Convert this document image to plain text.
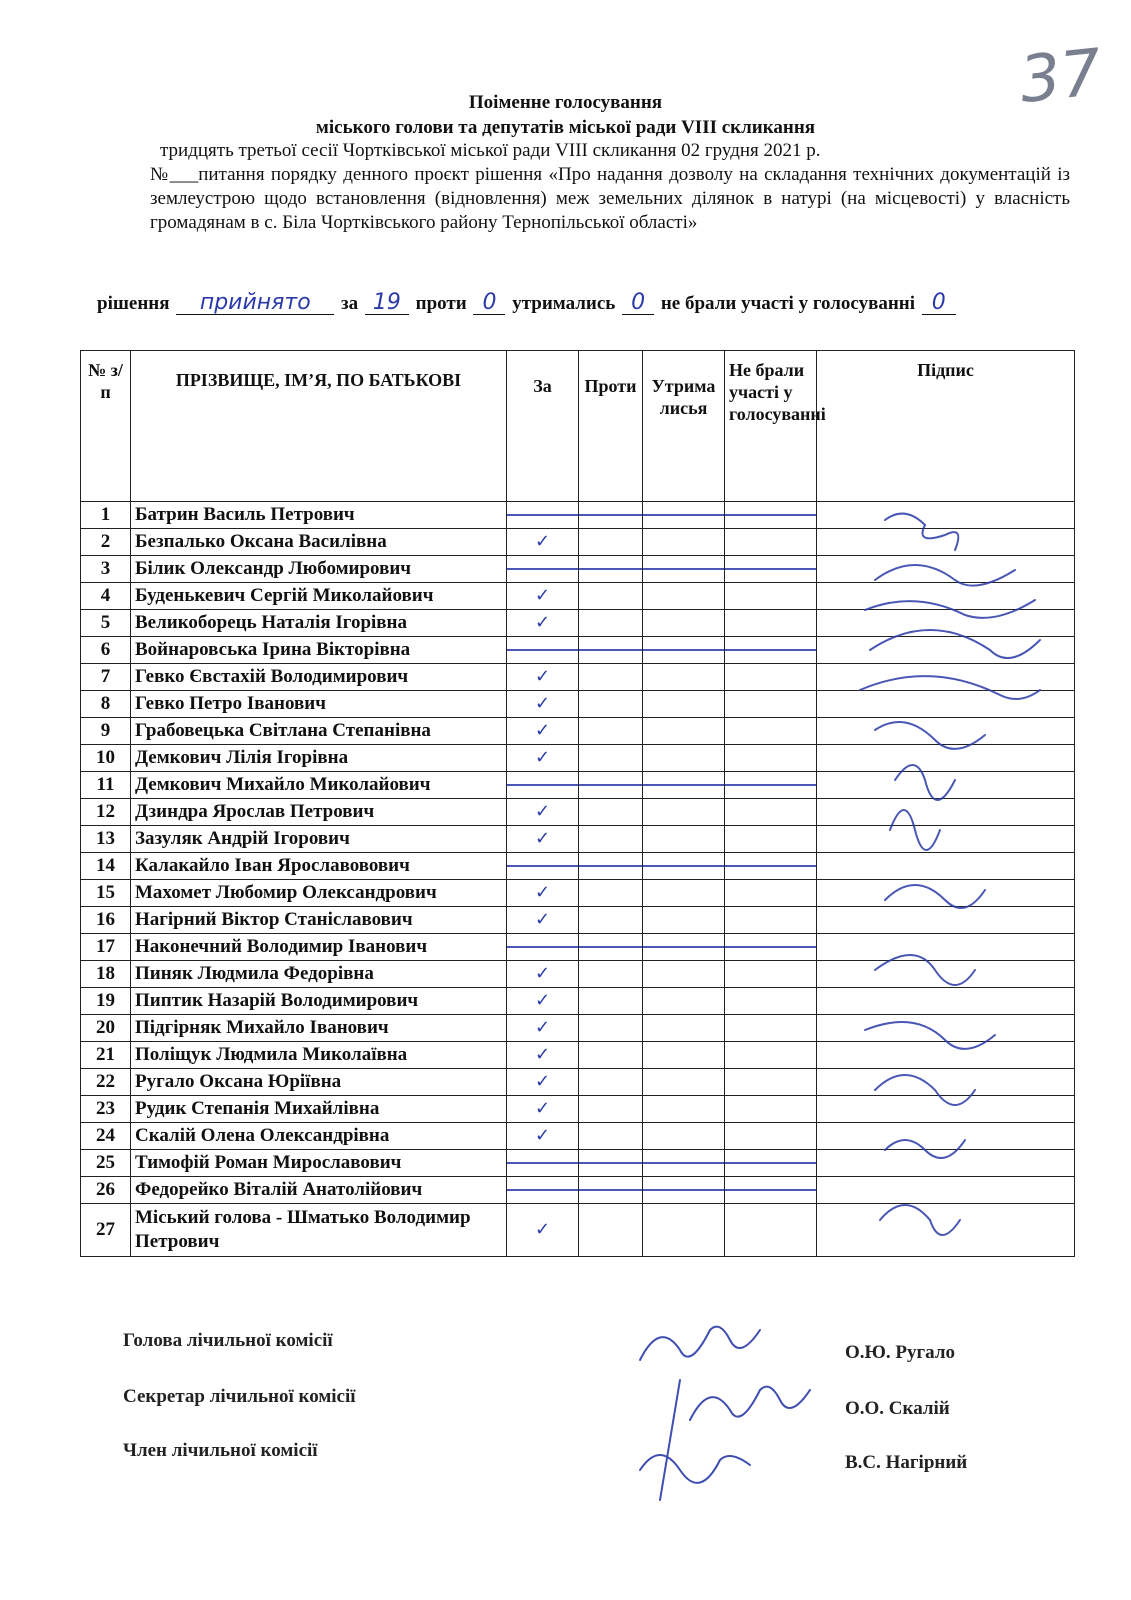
37
Поіменне голосування
міського голови та депутатів міської ради VIII скликання
тридцять третьої сесії Чортківської міської ради VIII скликання 02 грудня 2021 р.
№___питання порядку денного проєкт рішення «Про надання дозволу на складання технічних документацій із землеустрою щодо встановлення (відновлення) меж земельних ділянок в натурі (на місцевості) у власність громадянам в с. Біла Чортківського району Тернопільської області»
рішення прийнято за 19 проти 0 утримались 0 не брали участі у голосуванні 0
№ з/п	ПРІЗВИЩЕ, ІМ’Я, ПО БАТЬКОВІ	За	Проти	Утрималисья	Не брали участі у голосуванні	Підпис
1	Батрин Василь Петрович	

2	Безпалько Оксана Василівна	✓				
3	Білик Олександр Любомирович	

4	Буденькевич Сергій Миколайович	✓				
5	Великоборець Наталія Ігорівна	✓				
6	Войнаровська Ірина Вікторівна	

7	Гевко Євстахій Володимирович	✓				
8	Гевко Петро Іванович	✓				
9	Грабовецька Світлана Степанівна	✓				
10	Демкович Лілія Ігорівна	✓				
11	Демкович Михайло Миколайович	

12	Дзиндра Ярослав Петрович	✓				
13	Зазуляк Андрій Ігорович	✓				
14	Калакайло Іван Ярославовович	

15	Махомет Любомир Олександрович	✓				
16	Нагірний Віктор Станіславович	✓				
17	Наконечний Володимир Іванович	

18	Пиняк Людмила Федорівна	✓				
19	Пиптик Назарій Володимирович	✓				
20	Підгірняк Михайло Іванович	✓				
21	Поліщук Людмила Миколаївна	✓				
22	Ругало Оксана Юріївна	✓				
23	Рудик Степанія Михайлівна	✓				
24	Скалій Олена Олександрівна	✓				
25	Тимофій Роман Мирославович	

26	Федорейко Віталій Анатолійович	

27	Міський голова - Шматько Володимир Петрович	✓				
Голова лічильної комісії
О.Ю. Ругало
Секретар лічильної комісії
О.О. Скалій
Член лічильної комісії
В.С. Нагірний
